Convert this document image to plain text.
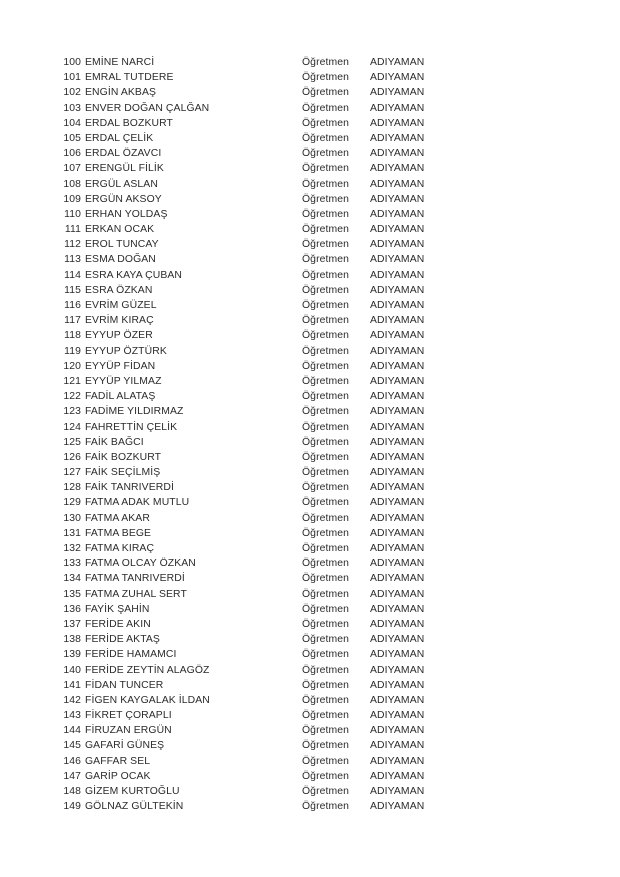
100 EMİNE NARCİ	Öğretmen ADIYAMAN
101 EMRAL TUTDERE	Öğretmen ADIYAMAN
102 ENGİN AKBAŞ	Öğretmen ADIYAMAN
103 ENVER DOĞAN ÇALĞAN	Öğretmen ADIYAMAN
104 ERDAL BOZKURT	Öğretmen ADIYAMAN
105 ERDAL ÇELİK	Öğretmen ADIYAMAN
106 ERDAL ÖZAVCI	Öğretmen ADIYAMAN
107 ERENGÜL FİLİK	Öğretmen ADIYAMAN
108 ERGÜL ASLAN	Öğretmen ADIYAMAN
109 ERGÜN AKSOY	Öğretmen ADIYAMAN
110 ERHAN YOLDAŞ	Öğretmen ADIYAMAN
111 ERKAN OCAK	Öğretmen ADIYAMAN
112 EROL TUNCAY	Öğretmen ADIYAMAN
113 ESMA DOĞAN	Öğretmen ADIYAMAN
114 ESRA KAYA ÇUBAN	Öğretmen ADIYAMAN
115 ESRA ÖZKAN	Öğretmen ADIYAMAN
116 EVRİM GÜZEL	Öğretmen ADIYAMAN
117 EVRİM KIRAÇ	Öğretmen ADIYAMAN
118 EYYUP ÖZER	Öğretmen ADIYAMAN
119 EYYUP ÖZTÜRK	Öğretmen ADIYAMAN
120 EYYÜP FİDAN	Öğretmen ADIYAMAN
121 EYYÜP YILMAZ	Öğretmen ADIYAMAN
122 FADİL ALATAŞ	Öğretmen ADIYAMAN
123 FADİME YILDIRMAZ	Öğretmen ADIYAMAN
124 FAHRETTİN ÇELİK	Öğretmen ADIYAMAN
125 FAİK BAĞCI	Öğretmen ADIYAMAN
126 FAİK BOZKURT	Öğretmen ADIYAMAN
127 FAİK SEÇİLMİŞ	Öğretmen ADIYAMAN
128 FAİK TANRIVERDİ	Öğretmen ADIYAMAN
129 FATMA ADAK MUTLU	Öğretmen ADIYAMAN
130 FATMA AKAR	Öğretmen ADIYAMAN
131 FATMA BEGE	Öğretmen ADIYAMAN
132 FATMA KIRAÇ	Öğretmen ADIYAMAN
133 FATMA OLCAY ÖZKAN	Öğretmen ADIYAMAN
134 FATMA TANRIVERDİ	Öğretmen ADIYAMAN
135 FATMA ZUHAL SERT	Öğretmen ADIYAMAN
136 FAYİK ŞAHİN	Öğretmen ADIYAMAN
137 FERİDE AKIN	Öğretmen ADIYAMAN
138 FERİDE AKTAŞ	Öğretmen ADIYAMAN
139 FERİDE HAMAMCI	Öğretmen ADIYAMAN
140 FERİDE ZEYTİN ALAGÖZ	Öğretmen ADIYAMAN
141 FİDAN TUNCER	Öğretmen ADIYAMAN
142 FİGEN KAYGALAK İLDAN	Öğretmen ADIYAMAN
143 FİKRET ÇORAPLI	Öğretmen ADIYAMAN
144 FİRUZAN ERGÜN	Öğretmen ADIYAMAN
145 GAFARİ GÜNEŞ	Öğretmen ADIYAMAN
146 GAFFAR SEL	Öğretmen ADIYAMAN
147 GARİP OCAK	Öğretmen ADIYAMAN
148 GİZEM KURTOĞLU	Öğretmen ADIYAMAN
149 GÖLNAZ GÜLTEKİN	Öğretmen ADIYAMAN
